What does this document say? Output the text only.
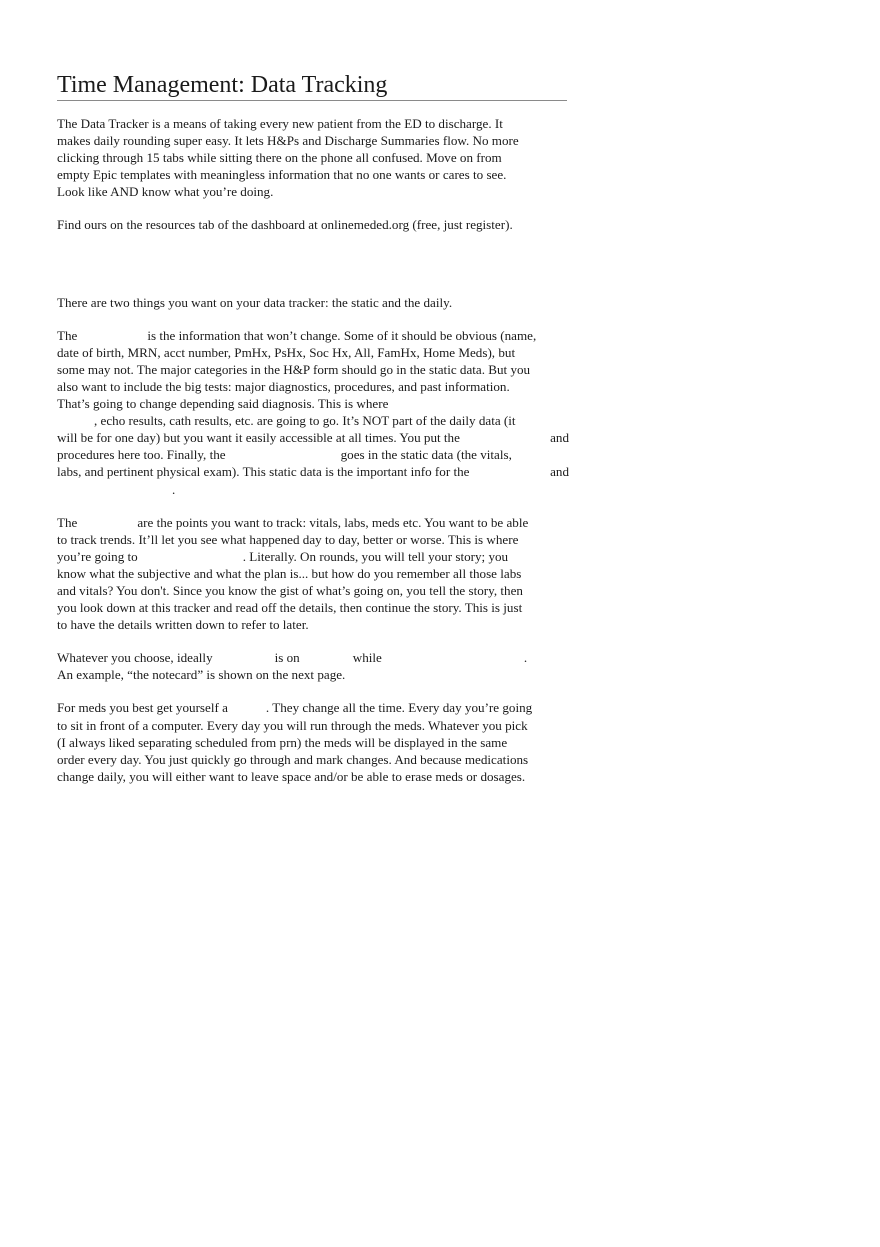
Time Management: Data Tracking
The Data Tracker is a means of taking every new patient from the ED to discharge. It
makes daily rounding super easy. It lets H&Ps and Discharge Summaries flow. No more
clicking through 15 tabs while sitting there on the phone all confused. Move on from
empty Epic templates with meaningless information that no one wants or cares to see.
Look like AND know what you’re doing.
Find ours on the resources tab of the dashboard at onlinemeded.org (free, just register).
There are two things you want on your data tracker: the static and the daily.
The	is the information that won’t change. Some of it should be obvious (name,
date of birth, MRN, acct number, PmHx, PsHx, Soc Hx, All, FamHx, Home Meds), but
some may not. The major categories in the H&P form should go in the static data. But you
also want to include the big tests: major diagnostics, procedures, and past information.
That’s going to change depending said diagnosis. This is where
, echo results, cath results, etc. are going to go. It’s NOT part of the daily data (it
will be for one day) but you want it easily accessible at all times. You put the	and
procedures here too. Finally, the	goes in the static data (the vitals,
labs, and pertinent physical exam). This static data is the important info for the	and
.
The	are the points you want to track: vitals, labs, meds etc. You want to be able
to track trends. It’ll let you see what happened day to day, better or worse. This is where
you’re going to	. Literally. On rounds, you will tell your story; you
know what the subjective and what the plan is... but how do you remember all those labs
and vitals? You don't. Since you know the gist of what’s going on, you tell the story, then
you look down at this tracker and read off the details, then continue the story. This is just
to have the details written down to refer to later.
Whatever you choose, ideally	is on	while	.
An example, “the notecard” is shown on the next page.
For meds you best get yourself a	. They change all the time. Every day you’re going
to sit in front of a computer. Every day you will run through the meds. Whatever you pick
(I always liked separating scheduled from prn) the meds will be displayed in the same
order every day. You just quickly go through and mark changes. And because medications
change daily, you will either want to leave space and/or be able to erase meds or dosages.
